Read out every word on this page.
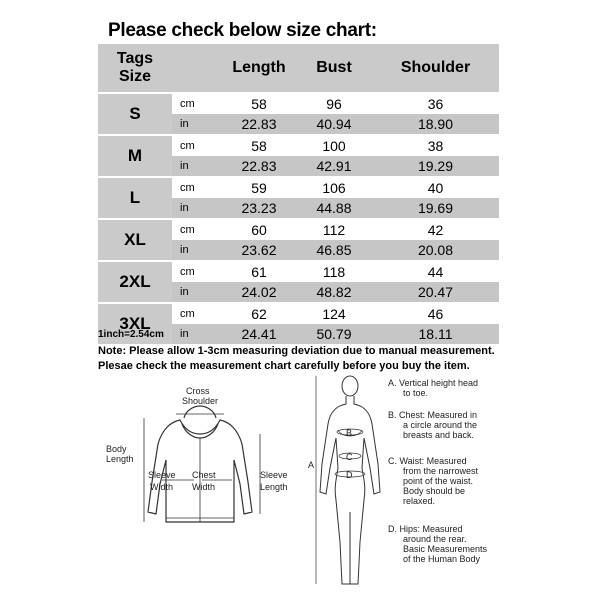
Please check below size chart:
Tags
Size		Length	Bust	Shoulder
S	cm	58	96	36
	in	22.83	40.94	18.90
M	cm	58	100	38
	in	22.83	42.91	19.29
L	cm	59	106	40
	in	23.23	44.88	19.69
XL	cm	60	112	42
	in	23.62	46.85	20.08
2XL	cm	61	118	44
	in	24.02	48.82	20.47
3XL	cm	62	124	46
	in	24.41	50.79	18.11
1inch=2.54cm
Note: Please allow 1-3cm measuring deviation due to manual measurement.
Plesae check the measurement chart carefully before you buy the item.
Cross
Shoulder
Body
Length
Sleeve
Width
Chest
Width
Sleeve
Length
A
B
C
D
A. Vertical height head
to toe.
B. Chest: Measured in
a circle around the
breasts and back.
C. Waist: Measured
from the narrowest
point of the waist.
Body should be
relaxed.
D. Hips: Measured
around the rear.
Basic Measurements
of the Human Body
